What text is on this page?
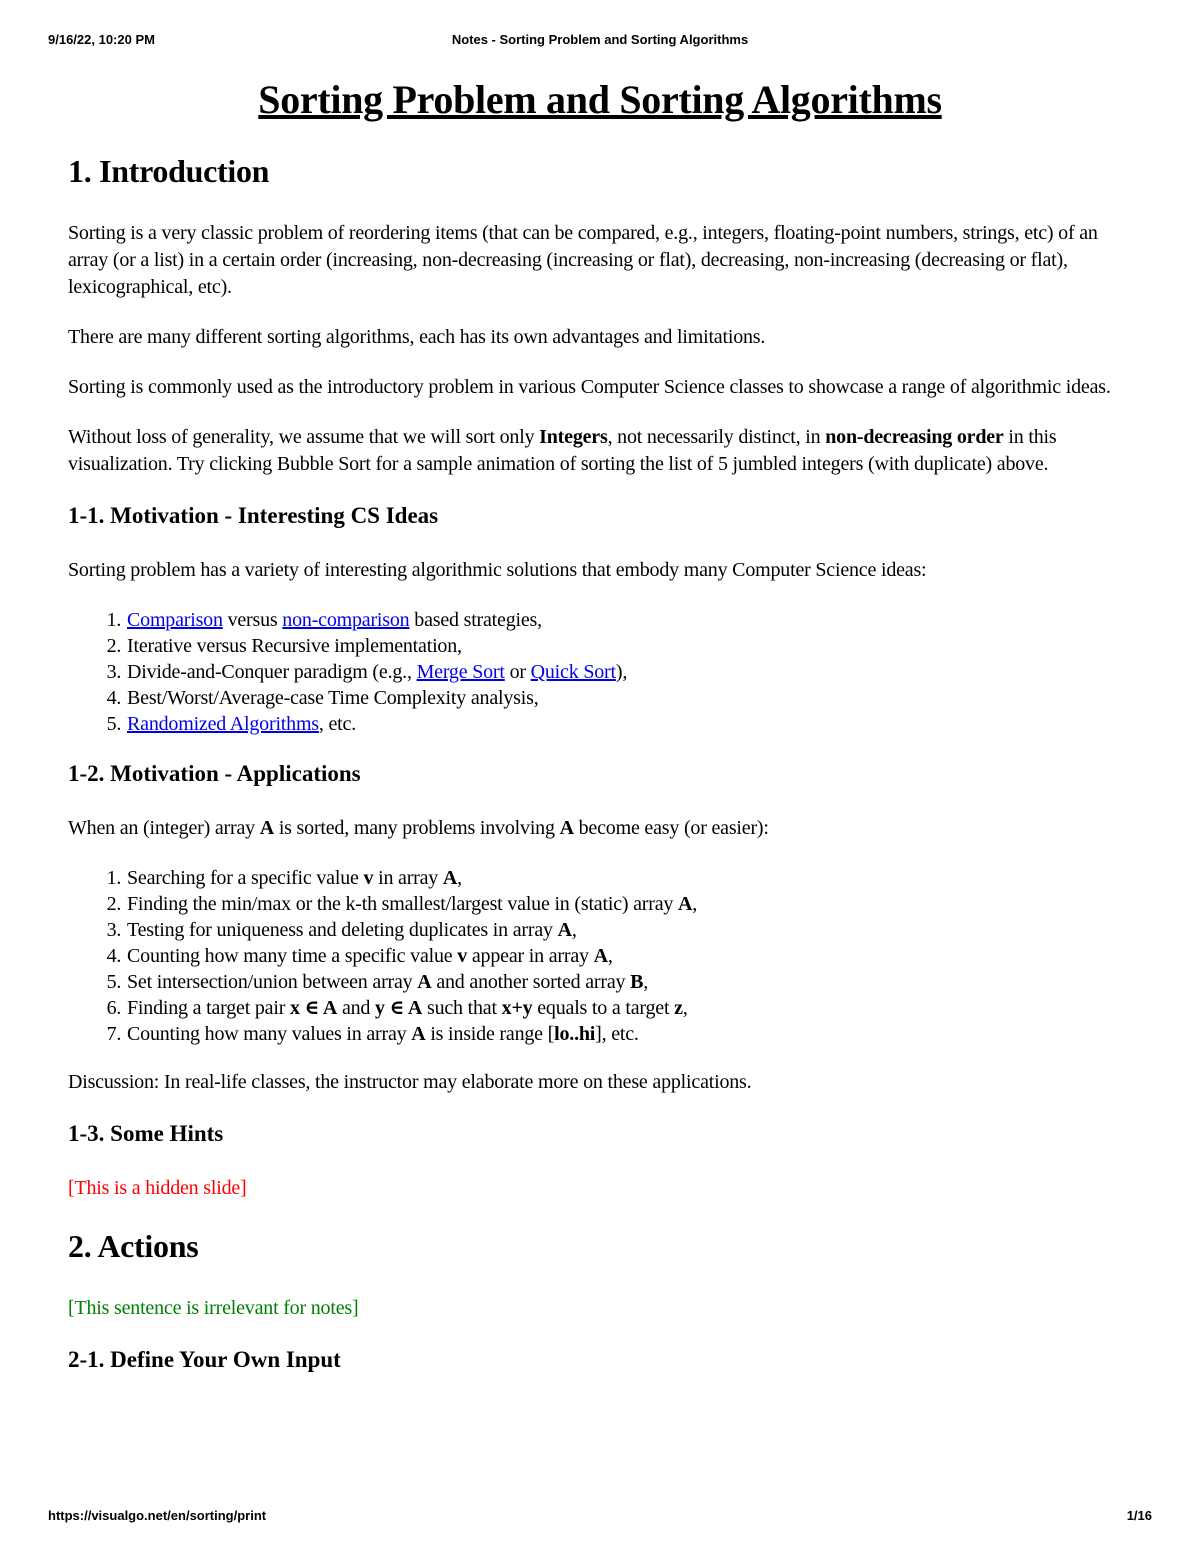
9/16/22, 10:20 PM	Notes - Sorting Problem and Sorting Algorithms
Sorting Problem and Sorting Algorithms
1. Introduction

Sorting is a very classic problem of reordering items (that can be compared, e.g., integers, floating-point numbers, strings, etc) of an array (or a list) in a certain order (increasing, non-decreasing (increasing or flat), decreasing, non-increasing (decreasing or flat), lexicographical, etc).

There are many different sorting algorithms, each has its own advantages and limitations.

Sorting is commonly used as the introductory problem in various Computer Science classes to showcase a range of algorithmic ideas.

Without loss of generality, we assume that we will sort only Integers, not necessarily distinct, in non-decreasing order in this visualization. Try clicking Bubble Sort for a sample animation of sorting the list of 5 jumbled integers (with duplicate) above.

1-1. Motivation - Interesting CS Ideas

Sorting problem has a variety of interesting algorithmic solutions that embody many Computer Science ideas:

1. Comparison versus non-comparison based strategies,
2. Iterative versus Recursive implementation,
3. Divide-and-Conquer paradigm (e.g., Merge Sort or Quick Sort),
4. Best/Worst/Average-case Time Complexity analysis,
5. Randomized Algorithms, etc.
1-2. Motivation - Applications

When an (integer) array A is sorted, many problems involving A become easy (or easier):

1. Searching for a specific value v in array A,
2. Finding the min/max or the k-th smallest/largest value in (static) array A,
3. Testing for uniqueness and deleting duplicates in array A,
4. Counting how many time a specific value v appear in array A,
5. Set intersection/union between array A and another sorted array B,
6. Finding a target pair x ∈ A and y ∈ A such that x+y equals to a target z,
7. Counting how many values in array A is inside range [lo..hi], etc.

Discussion: In real-life classes, the instructor may elaborate more on these applications.

1-3. Some Hints

[This is a hidden slide]

2. Actions

[This sentence is irrelevant for notes]

2-1. Define Your Own Input
https://visualgo.net/en/sorting/print	1/16
